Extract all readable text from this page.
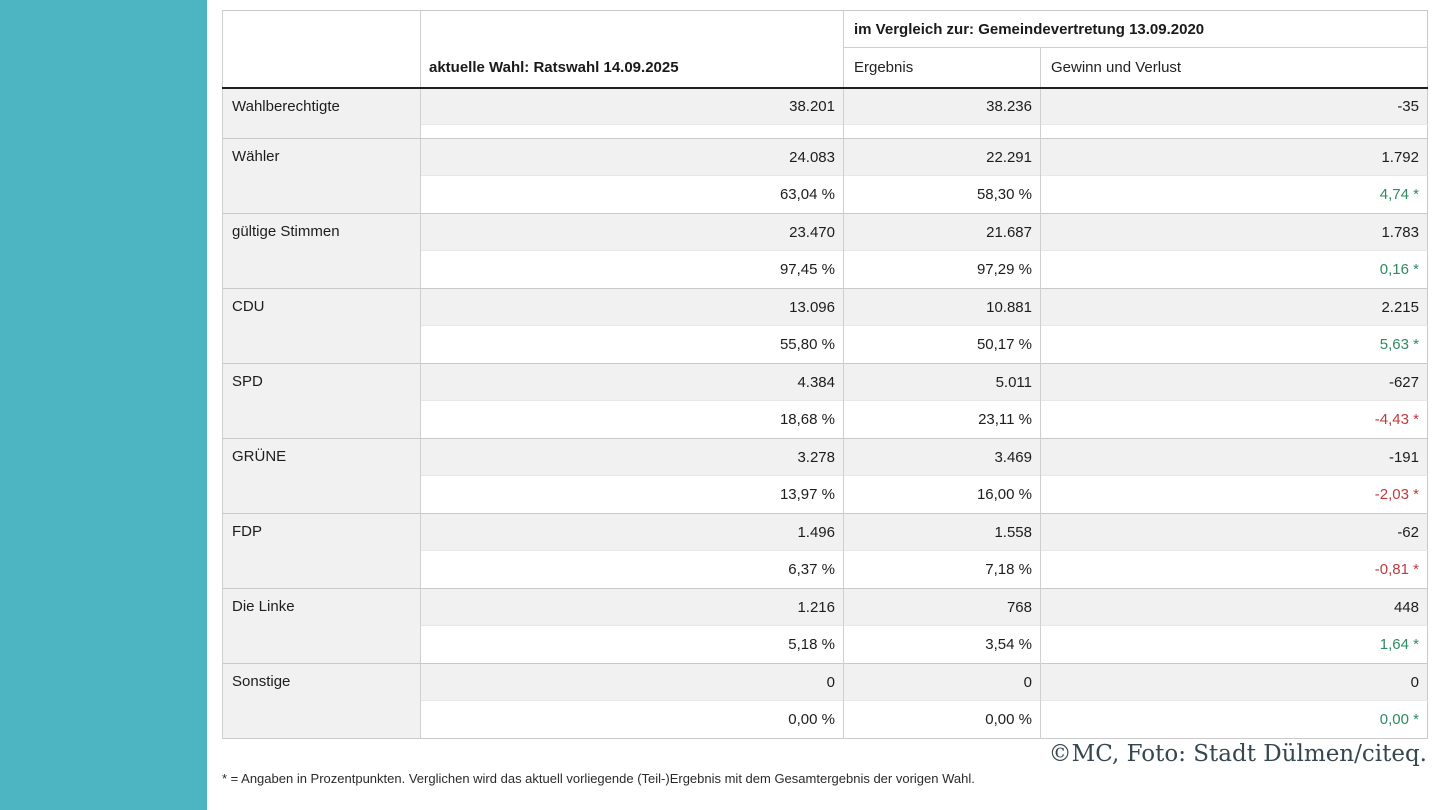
	aktuelle Wahl: Ratswahl 14.09.2025	im Vergleich zur: Gemeindevertretung 13.09.2020	
		Ergebnis	Gewinn und Verlust
Wahlberechtigte	38.201	38.236	-35

Wähler	24.083	22.291	1.792
	63,04 %	58,30 %	4,74 *
gültige Stimmen	23.470	21.687	1.783
	97,45 %	97,29 %	0,16 *
CDU	13.096	10.881	2.215
	55,80 %	50,17 %	5,63 *
SPD	4.384	5.011	-627
	18,68 %	23,11 %	-4,43 *
GRÜNE	3.278	3.469	-191
	13,97 %	16,00 %	-2,03 *
FDP	1.496	1.558	-62
	6,37 %	7,18 %	-0,81 *
Die Linke	1.216	768	448
	5,18 %	3,54 %	1,64 *
Sonstige	0	0	0
	0,00 %	0,00 %	0,00 *
©MC, Foto: Stadt Dülmen/citeq.
* = Angaben in Prozentpunkten. Verglichen wird das aktuell vorliegende (Teil-)Ergebnis mit dem Gesamtergebnis der vorigen Wahl.
